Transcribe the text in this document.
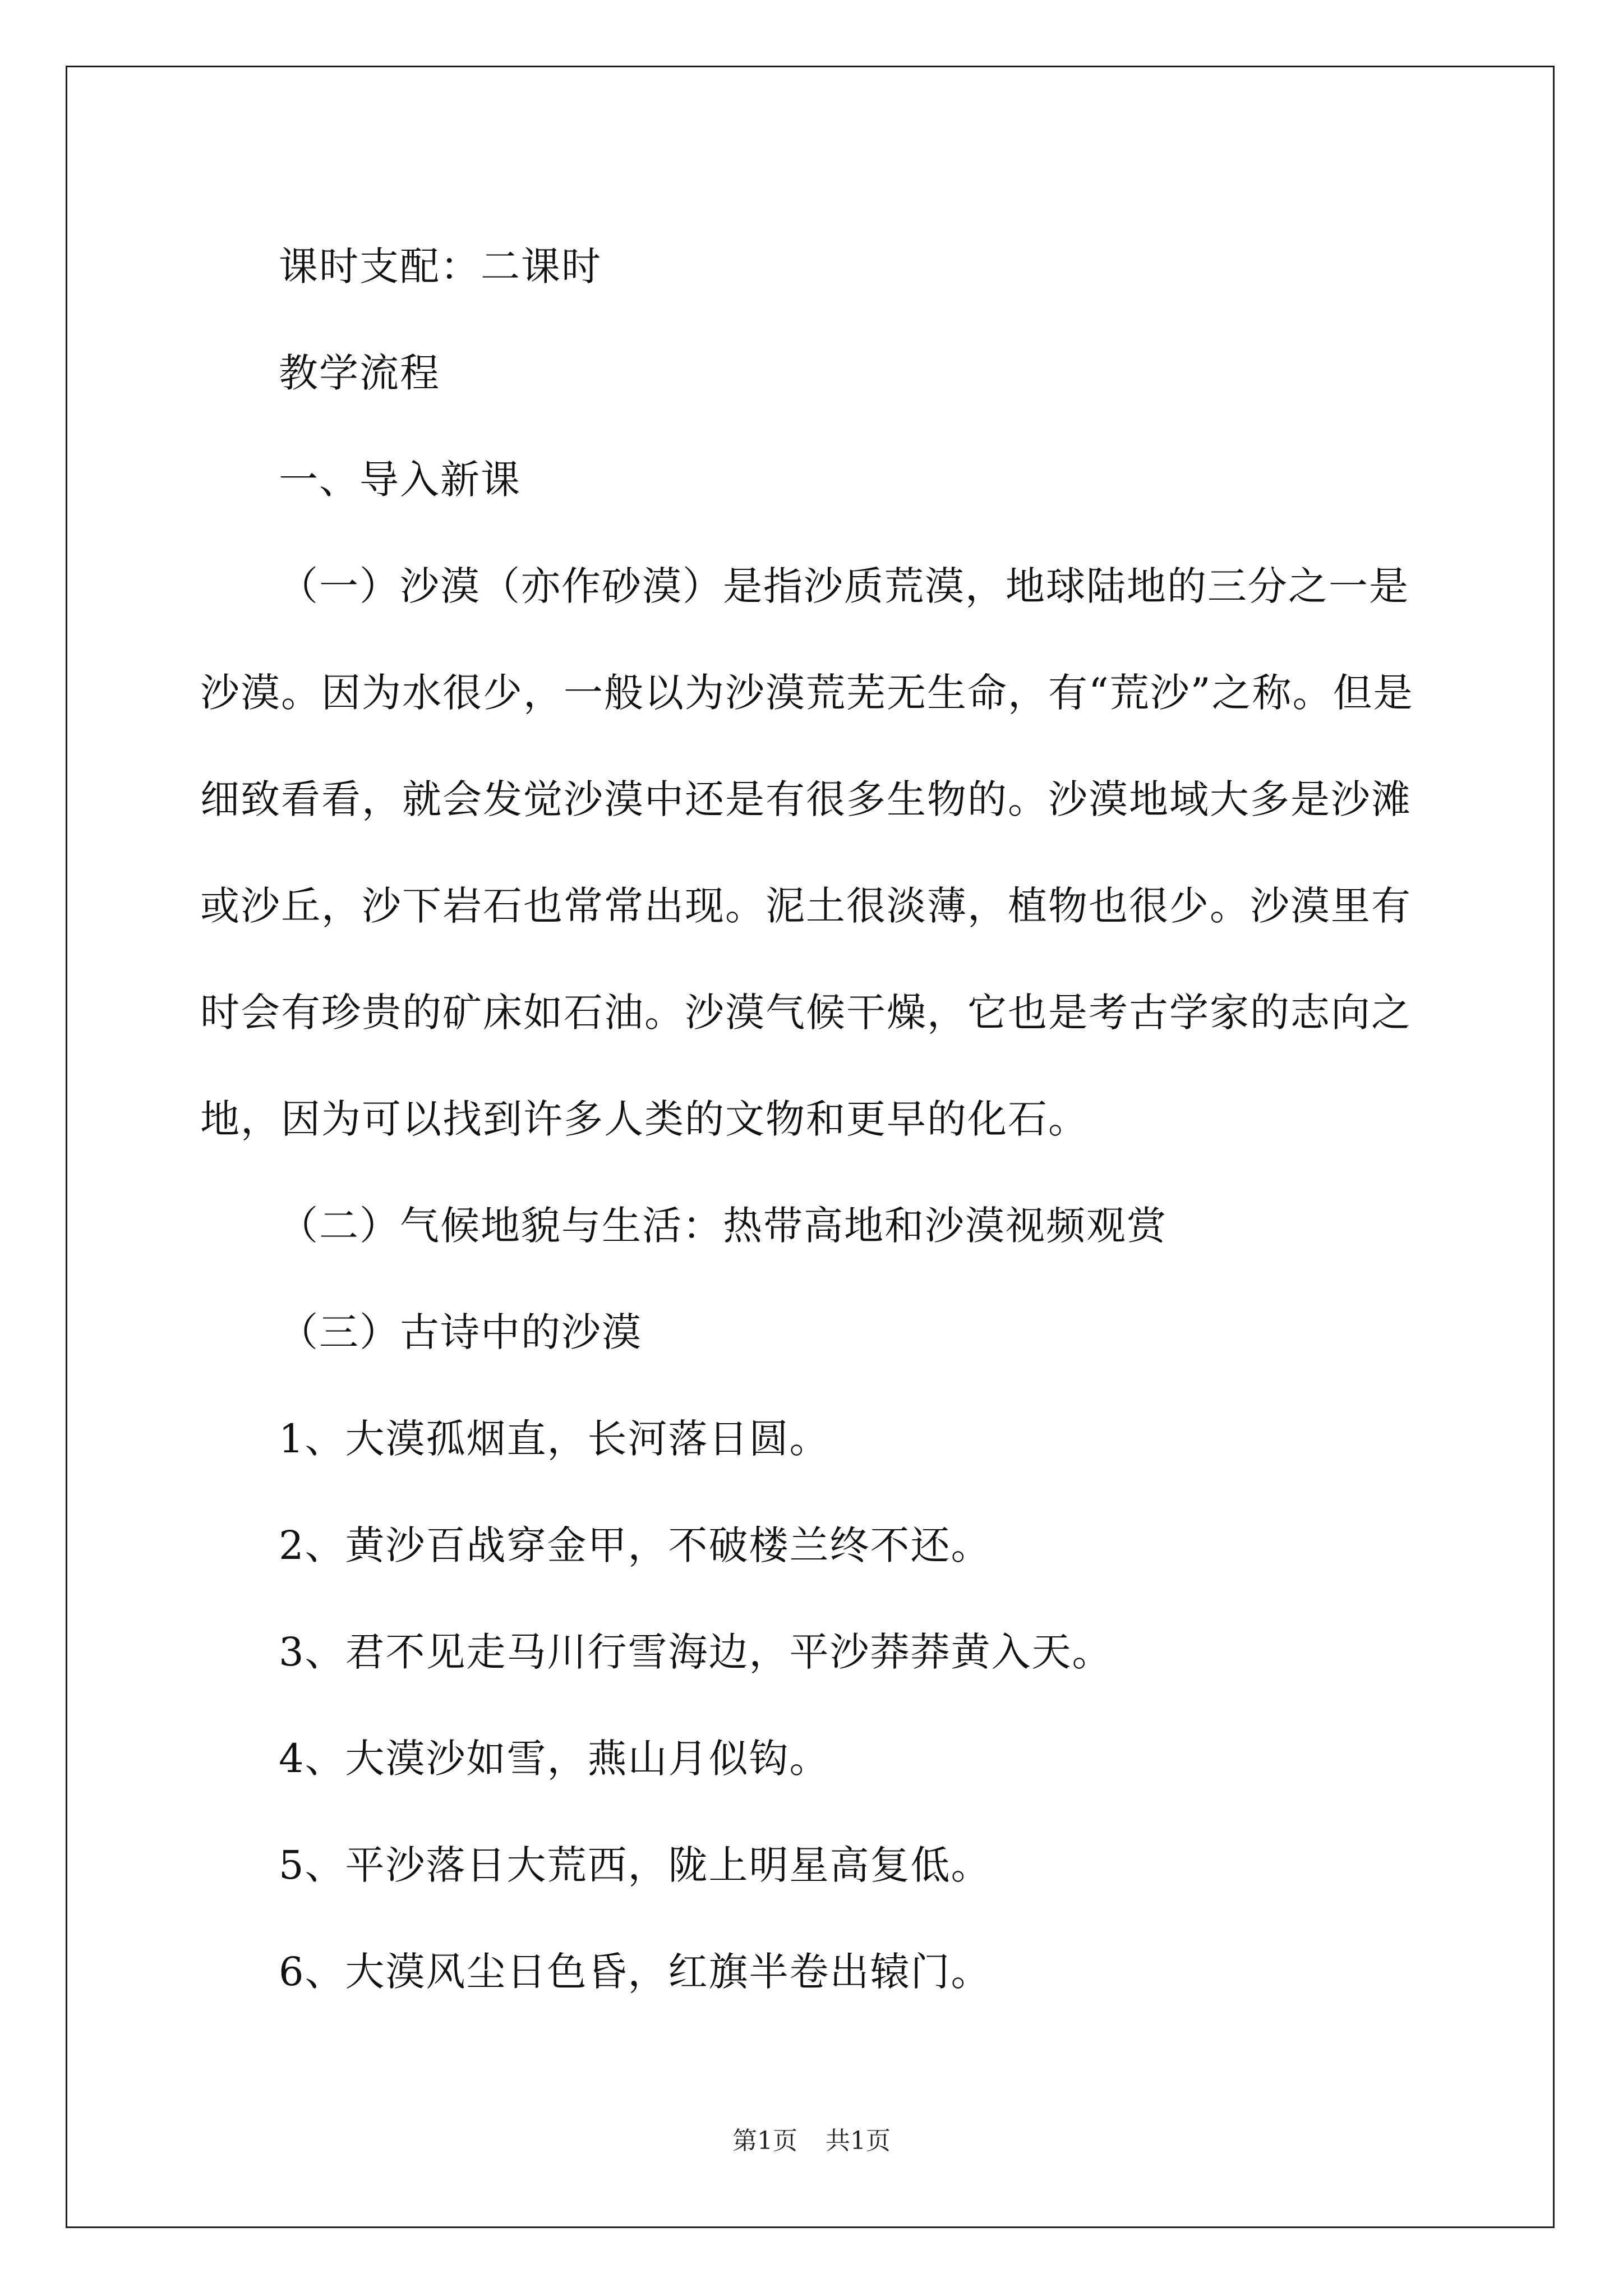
课时支配：二课时

教学流程

一、导入新课

（一）沙漠（亦作砂漠）是指沙质荒漠，地球陆地的三分之一是沙漠。因为水很少，一般以为沙漠荒芜无生命，有“荒沙”之称。但是细致看看，就会发觉沙漠中还是有很多生物的。沙漠地域大多是沙滩或沙丘，沙下岩石也常常出现。泥土很淡薄，植物也很少。沙漠里有时会有珍贵的矿床如石油。沙漠气候干燥，它也是考古学家的志向之地，因为可以找到许多人类的文物和更早的化石。

（二）气候地貌与生活：热带高地和沙漠视频观赏

（三）古诗中的沙漠

1、大漠孤烟直，长河落日圆。

2、黄沙百战穿金甲，不破楼兰终不还。

3、君不见走马川行雪海边，平沙莽莽黄入天。

4、大漠沙如雪，燕山月似钩。

5、平沙落日大荒西，陇上明星高复低。

6、大漠风尘日色昏，红旗半卷出辕门。

第1页 共1页
